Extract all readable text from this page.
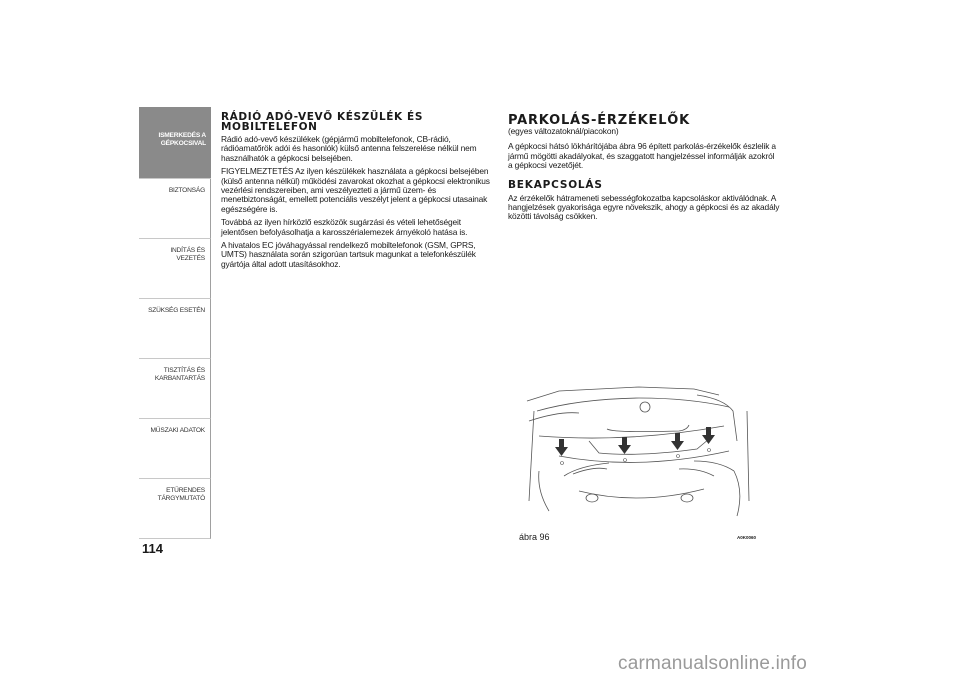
ISMERKEDÉS A
GÉPKOCSIVAL
BIZTONSÁG
INDÍTÁS ÉS VEZETÉS
SZÜKSÉG ESETÉN
TISZTÍTÁS ÉS
KARBANTARTÁS
MŰSZAKI ADATOK
ETŰRENDES
TÁRGYMUTATÓ
114
RÁDIÓ ADÓ-VEVŐ KÉSZÜLÉK ÉS MOBILTELEFON

Rádió adó-vevő készülékek (gépjármű mobiltelefonok, CB-rádió, rádióamatőrök adói és hasonlók) külső antenna felszerelése nélkül nem használhatók a gépkocsi belsejében.

FIGYELMEZTETÉS Az ilyen készülékek használata a gépkocsi belsejében (külső antenna nélkül) működési zavarokat okozhat a gépkocsi elektronikus vezérlési rendszereiben, ami veszélyezteti a jármű üzem- és menetbiztonságát, emellett potenciális veszélyt jelent a gépkocsi utasainak egészségére is.

Továbbá az ilyen hírközlő eszközök sugárzási és vételi lehetőségeit jelentősen befolyásolhatja a karosszérialemezek árnyékoló hatása is.

A hivatalos EC jóváhagyással rendelkező mobiltelefonok (GSM, GPRS, UMTS) használata során szigorúan tartsuk magunkat a telefonkészülék gyártója által adott utasításokhoz.

PARKOLÁS-ÉRZÉKELŐK

(egyes változatoknál/piacokon)

A gépkocsi hátsó lökhárítójába ábra 96 épített parkolás-érzékelők észlelik a jármű mögötti akadályokat, és szaggatott hangjelzéssel informálják azokról a gépkocsi vezetőjét.

BEKAPCSOLÁS

Az érzékelők hátrameneti sebességfokozatba kapcsoláskor aktiválódnak. A hangjelzések gyakorisága egyre növekszik, ahogy a gépkocsi és az akadály közötti távolság csökken.

ábra 96	A0K0060
carmanualsonline.info
